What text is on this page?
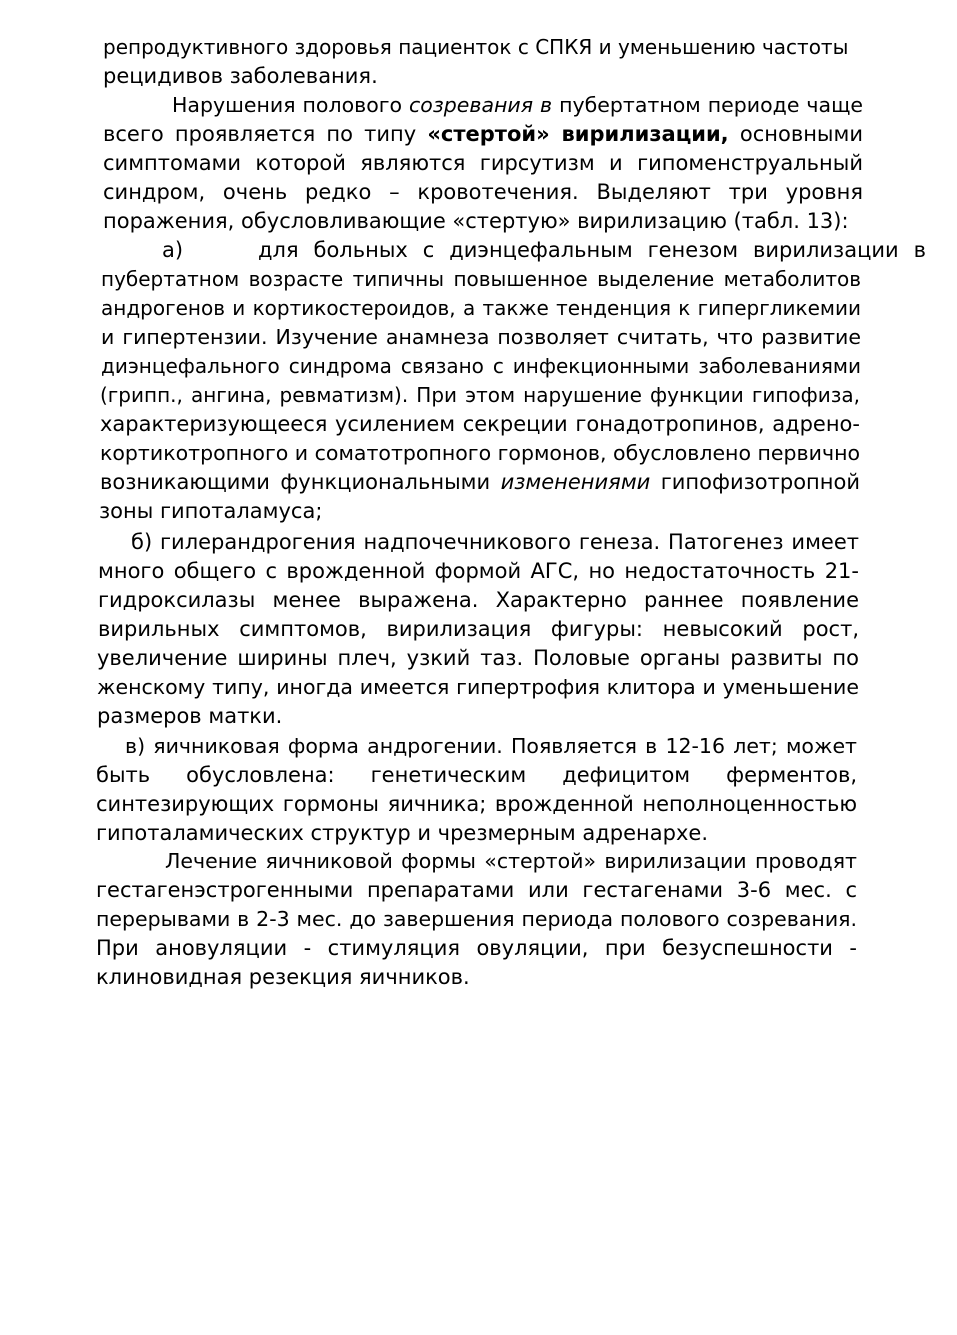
репродуктивного здоровья пациенток с СПКЯ и уменьшению частоты
рецидивов заболевания.
Нарушения полового созревания в пубертатном периоде чаще
всего проявляется по типу «стертой» вирилизации, основными
симптомами которой являются гирсутизм и гипоменструальный
синдром, очень редко – кровотечения. Выделяют три уровня
поражения, обусловливающие «стертую» вирилизацию (табл. 13):
а)	для больных с диэнцефальным генезом вирилизации в
пубертатном возрасте типичны повышенное выделение метаболитов
андрогенов и кортикостероидов, а также тенденция к гипергликемии
и гипертензии. Изучение анамнеза позволяет считать, что развитие
диэнцефального синдрома связано с инфекционными заболеваниями
(грипп., ангина, ревматизм). При этом нарушение функции гипофиза,
характеризующееся усилением секреции гонадотропинов, адрено-
кортикотропного и соматотропного гормонов, обусловлено первично
возникающими функциональными изменениями гипофизотропной
зоны гипоталамуса;
б) гилерандрогения надпочечникового генеза. Патогенез имеет
много общего с врожденной формой АГС, но недостаточность 21-
гидроксилазы менее выражена. Характерно раннее появление
вирильных симптомов, вирилизация фигуры: невысокий рост,
увеличение ширины плеч, узкий таз. Половые органы развиты по
женскому типу, иногда имеется гипертрофия клитора и уменьшение
размеров матки.
в) яичниковая форма андрогении. Появляется в 12-16 лет; может
быть обусловлена: генетическим дефицитом ферментов,
синтезирующих гормоны яичника; врожденной неполноценностью
гипоталамических структур и чрезмерным адренархе.
Лечение яичниковой формы «стертой» вирилизации проводят
гестагенэстрогенными препаратами или гестагенами 3-6 мес. с
перерывами в 2-3 мес. до завершения периода полового созревания.
При ановуляции - стимуляция овуляции, при безуспешности -
клиновидная резекция яичников.
